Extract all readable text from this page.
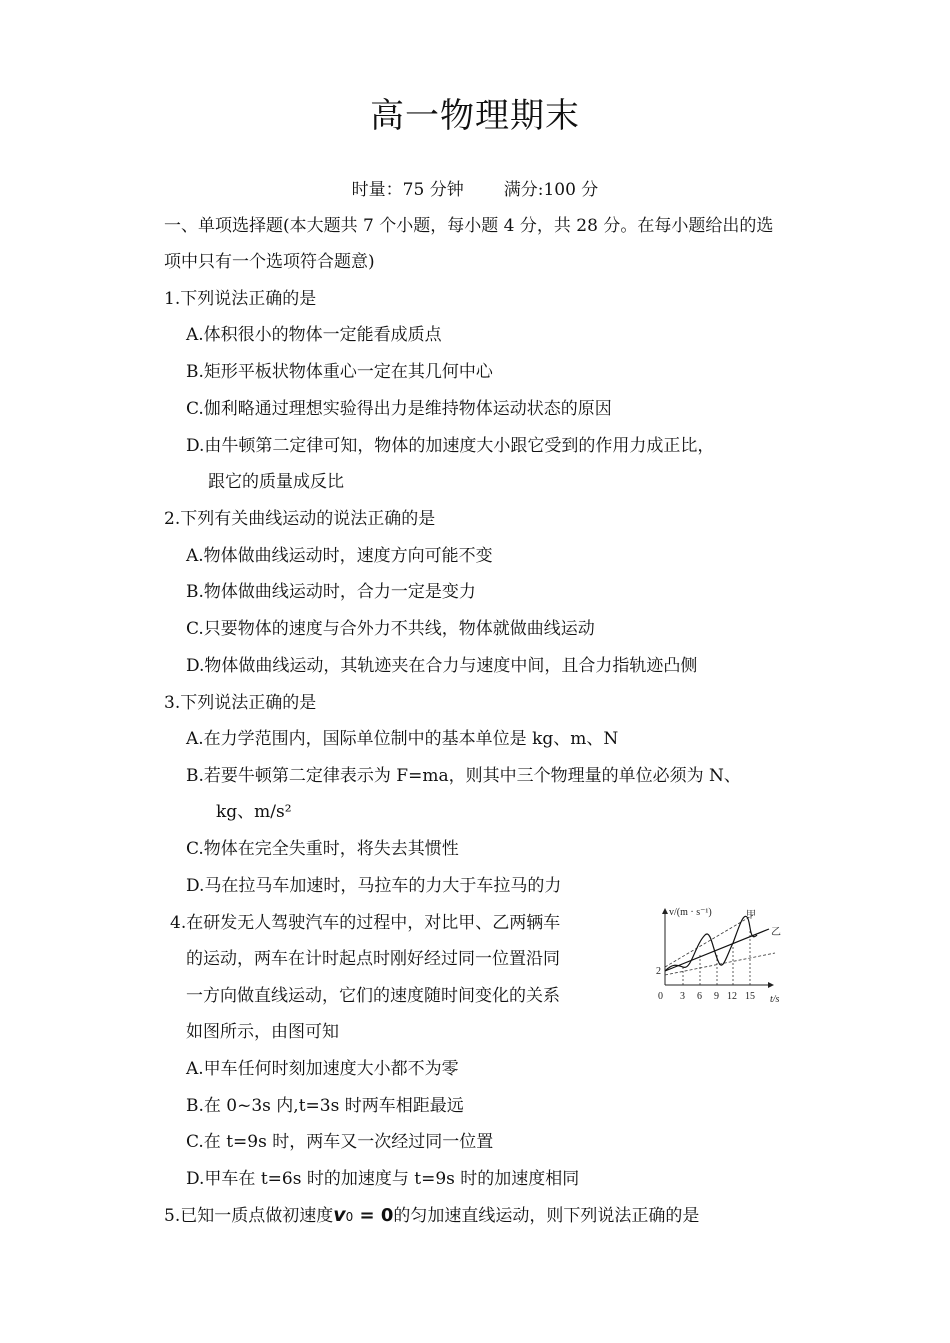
高一物理期末
时量：75 分钟 满分:100 分
一、单项选择题(本大题共 7 个小题，每小题 4 分，共 28 分。在每小题给出的选
项中只有一个选项符合题意)
1.下列说法正确的是
A.体积很小的物体一定能看成质点
B.矩形平板状物体重心一定在其几何中心
C.伽利略通过理想实验得出力是维持物体运动状态的原因
D.由牛顿第二定律可知，物体的加速度大小跟它受到的作用力成正比，
跟它的质量成反比
2.下列有关曲线运动的说法正确的是
A.物体做曲线运动时，速度方向可能不变
B.物体做曲线运动时，合力一定是变力
C.只要物体的速度与合外力不共线，物体就做曲线运动
D.物体做曲线运动，其轨迹夹在合力与速度中间，且合力指轨迹凸侧
3.下列说法正确的是
A.在力学范围内，国际单位制中的基本单位是 kg、m、N
B.若要牛顿第二定律表示为 F=ma，则其中三个物理量的单位必须为 N、
kg、m/s²
C.物体在完全失重时，将失去其惯性
D.马在拉马车加速时，马拉车的力大于车拉马的力
4.在研发无人驾驶汽车的过程中，对比甲、乙两辆车
的运动，两车在计时起点时刚好经过同一位置沿同
一方向做直线运动，它们的速度随时间变化的关系
如图所示，由图可知
A.甲车任何时刻加速度大小都不为零
B.在 0~3s 内,t=3s 时两车相距最远
C.在 t=9s 时，两车又一次经过同一位置
D.甲车在 t=6s 时的加速度与 t=9s 时的加速度相同
v/(m · s⁻¹)
t/s
0 3 6 9 12 15
2
甲
乙
5.已知一质点做初速度v0 = 0的匀加速直线运动，则下列说法正确的是
